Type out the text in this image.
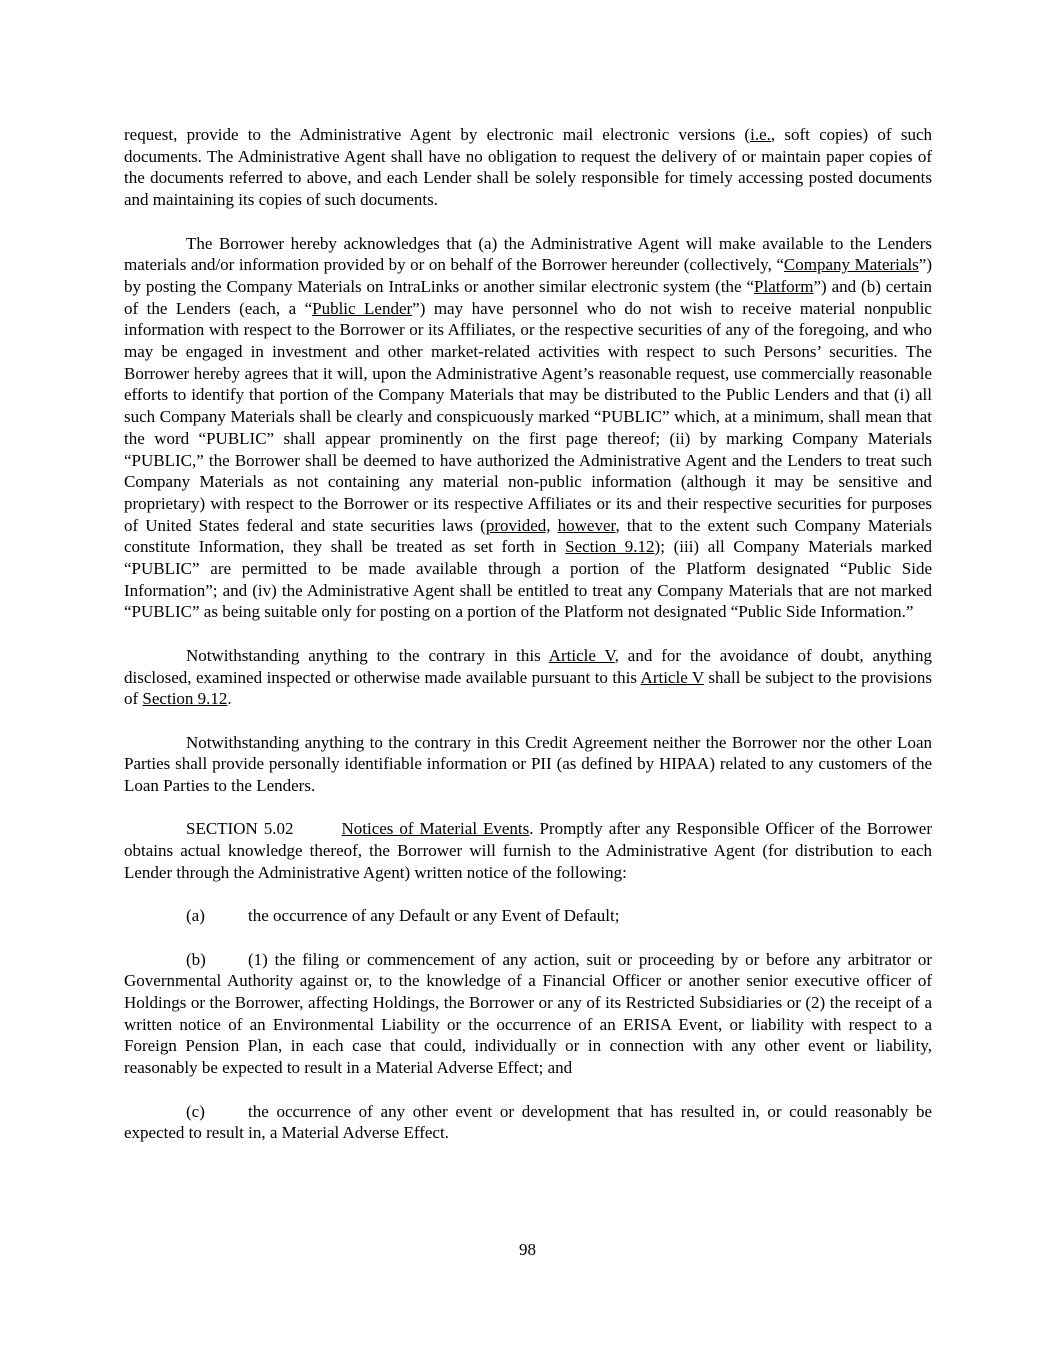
request, provide to the Administrative Agent by electronic mail electronic versions (i.e., soft copies) of such documents. The Administrative Agent shall have no obligation to request the delivery of or maintain paper copies of the documents referred to above, and each Lender shall be solely responsible for timely accessing posted documents and maintaining its copies of such documents.

The Borrower hereby acknowledges that (a) the Administrative Agent will make available to the Lenders materials and/or information provided by or on behalf of the Borrower hereunder (collectively, “Company Materials”) by posting the Company Materials on IntraLinks or another similar electronic system (the “Platform”) and (b) certain of the Lenders (each, a “Public Lender”) may have personnel who do not wish to receive material nonpublic information with respect to the Borrower or its Affiliates, or the respective securities of any of the foregoing, and who may be engaged in investment and other market-related activities with respect to such Persons’ securities. The Borrower hereby agrees that it will, upon the Administrative Agent’s reasonable request, use commercially reasonable efforts to identify that portion of the Company Materials that may be distributed to the Public Lenders and that (i) all such Company Materials shall be clearly and conspicuously marked “PUBLIC” which, at a minimum, shall mean that the word “PUBLIC” shall appear prominently on the first page thereof; (ii) by marking Company Materials “PUBLIC,” the Borrower shall be deemed to have authorized the Administrative Agent and the Lenders to treat such Company Materials as not containing any material non-public information (although it may be sensitive and proprietary) with respect to the Borrower or its respective Affiliates or its and their respective securities for purposes of United States federal and state securities laws (provided, however, that to the extent such Company Materials constitute Information, they shall be treated as set forth in Section 9.12); (iii) all Company Materials marked “PUBLIC” are permitted to be made available through a portion of the Platform designated “Public Side Information”; and (iv) the Administrative Agent shall be entitled to treat any Company Materials that are not marked “PUBLIC” as being suitable only for posting on a portion of the Platform not designated “Public Side Information.”

Notwithstanding anything to the contrary in this Article V, and for the avoidance of doubt, anything disclosed, examined inspected or otherwise made available pursuant to this Article V shall be subject to the provisions of Section 9.12.

Notwithstanding anything to the contrary in this Credit Agreement neither the Borrower nor the other Loan Parties shall provide personally identifiable information or PII (as defined by HIPAA) related to any customers of the Loan Parties to the Lenders.

SECTION 5.02	Notices of Material Events. Promptly after any Responsible Officer of the Borrower obtains actual knowledge thereof, the Borrower will furnish to the Administrative Agent (for distribution to each Lender through the Administrative Agent) written notice of the following:

(a)	the occurrence of any Default or any Event of Default;

(b) (1) the filing or commencement of any action, suit or proceeding by or before any arbitrator or Governmental Authority against or, to the knowledge of a Financial Officer or another senior executive officer of Holdings or the Borrower, affecting Holdings, the Borrower or any of its Restricted Subsidiaries or (2) the receipt of a written notice of an Environmental Liability or the occurrence of an ERISA Event, or liability with respect to a Foreign Pension Plan, in each case that could, individually or in connection with any other event or liability, reasonably be expected to result in a Material Adverse Effect; and

(c)	the occurrence of any other event or development that has resulted in, or could reasonably be expected to result in, a Material Adverse Effect.

98
